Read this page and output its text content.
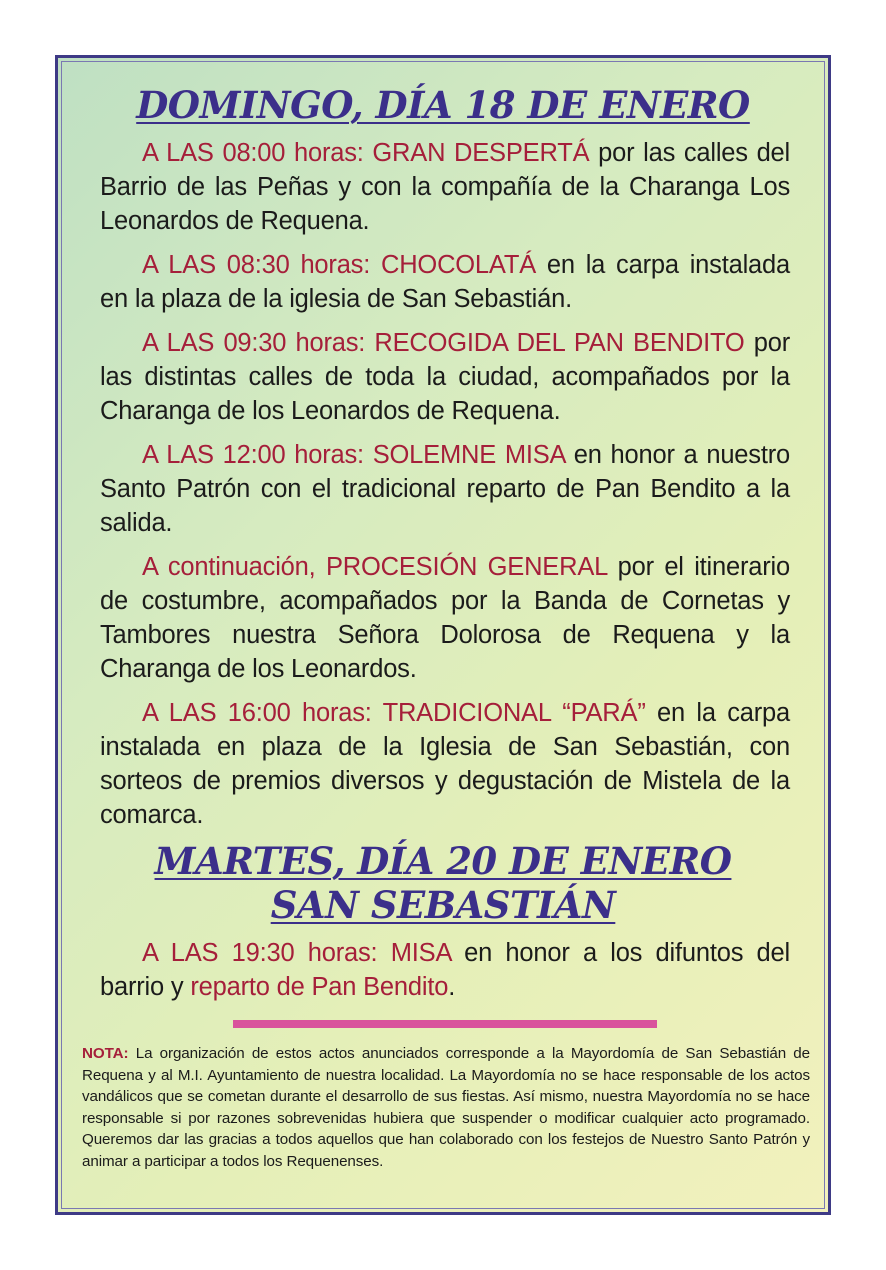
DOMINGO, DÍA 18 DE ENERO

A LAS 08:00 horas: GRAN DESPERTÁ por las calles del Barrio de las Peñas y con la compañía de la Charanga Los Leonardos de Requena.

A LAS 08:30 horas: CHOCOLATÁ en la carpa instalada en la plaza de la iglesia de San Sebastián.

A LAS 09:30 horas: RECOGIDA DEL PAN BENDITO por las distintas calles de toda la ciudad, acompañados por la Charanga de los Leonardos de Requena.

A LAS 12:00 horas: SOLEMNE MISA en honor a nuestro Santo Patrón con el tradicional reparto de Pan Bendito a la salida.

A continuación, PROCESIÓN GENERAL por el itinerario de costumbre, acompañados por la Banda de Cornetas y Tambores nuestra Señora Dolorosa de Requena y la Charanga de los Leonardos.

A LAS 16:00 horas: TRADICIONAL “PARÁ” en la carpa instalada en plaza de la Iglesia de San Sebastián, con sorteos de premios diversos y degustación de Mistela de la comarca.

MARTES, DÍA 20 DE ENERO
SAN SEBASTIÁN

A LAS 19:30 horas: MISA en honor a los difuntos del barrio y reparto de Pan Bendito.

NOTA: La organización de estos actos anunciados corresponde a la Mayordomía de San Sebastián de Requena y al M.I. Ayuntamiento de nuestra localidad. La Mayordomía no se hace responsable de los actos vandálicos que se cometan durante el desarrollo de sus fiestas. Así mismo, nuestra Mayordomía no se hace responsable si por razones sobrevenidas hubiera que suspender o modificar cualquier acto programado. Queremos dar las gracias a todos aquellos que han colaborado con los festejos de Nuestro Santo Patrón y animar a participar a todos los Requenenses.
